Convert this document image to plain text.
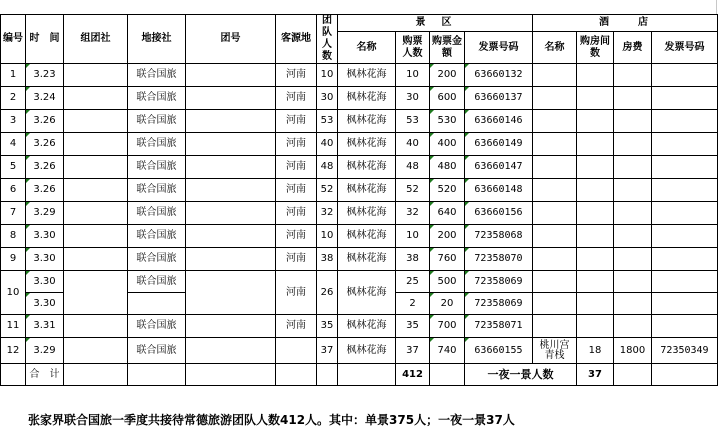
编号	时　间	组团社	地接社	团号	客源地	团队人数	景　区				酒　　店			
							名称	购票人数	购票金额	发票号码	名称	购房间数	房费	发票号码
1	3.23		联合国旅		河南	10	枫林花海	10	200	63660132				
2	3.24		联合国旅		河南	30	枫林花海	30	600	63660137				
3	3.26		联合国旅		河南	53	枫林花海	53	530	63660146				
4	3.26		联合国旅		河南	40	枫林花海	40	400	63660149				
5	3.26		联合国旅		河南	48	枫林花海	48	480	63660147				
6	3.26		联合国旅		河南	52	枫林花海	52	520	63660148				
7	3.29		联合国旅		河南	32	枫林花海	32	640	63660156				
8	3.30		联合国旅		河南	10	枫林花海	10	200	72358068				
9	3.30		联合国旅		河南	38	枫林花海	38	760	72358070				
10	3.30		联合国旅		河南	26	枫林花海	25	500	72358069				
	3.30							2	20	72358069				
11	3.31		联合国旅		河南	35	枫林花海	35	700	72358071				
12	3.29		联合国旅			37	枫林花海	37	740	63660155	桃川宫青栈	18	1800	72350349
	合　计							412		一夜一景人数		37		
张家界联合国旅一季度共接待常德旅游团队人数412人。其中：单景375人；一夜一景37人
